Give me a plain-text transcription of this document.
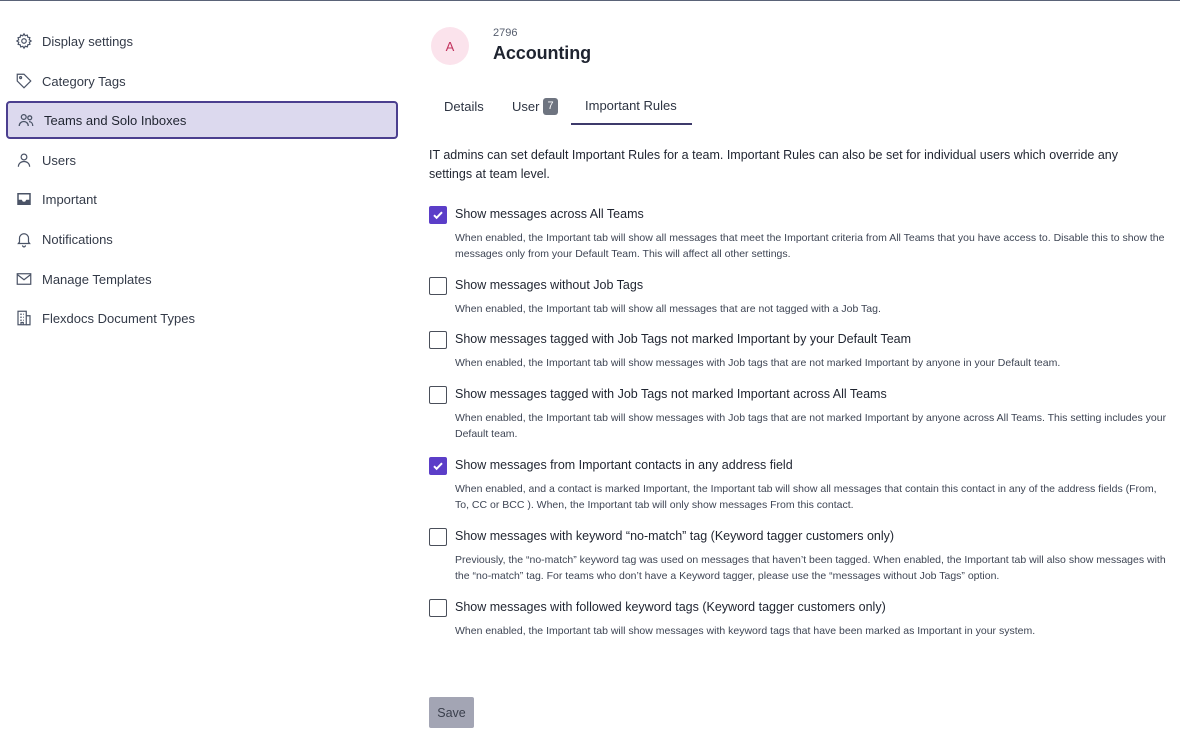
Display settings
Category Tags
Teams and Solo Inboxes
Users
Important
Notifications
Manage Templates
Flexdocs Document Types
A
2796
Accounting
Details User 7	Important Rules

IT admins can set default Important Rules for a team. Important Rules can also be set for individual users which override any settings at team level.

Show messages across All Teams
When enabled, the Important tab will show all messages that meet the Important criteria from All Teams that you have access to. Disable this to show the messages only from your Default Team. This will affect all other settings.
Show messages without Job Tags
When enabled, the Important tab will show all messages that are not tagged with a Job Tag.
Show messages tagged with Job Tags not marked Important by your Default Team
When enabled, the Important tab will show messages with Job tags that are not marked Important by anyone in your Default team.
Show messages tagged with Job Tags not marked Important across All Teams
When enabled, the Important tab will show messages with Job tags that are not marked Important by anyone across All Teams. This setting includes your Default team.
Show messages from Important contacts in any address field
When enabled, and a contact is marked Important, the Important tab will show all messages that contain this contact in any of the address fields (From, To, CC or BCC ). When, the Important tab will only show messages From this contact.
Show messages with keyword “no-match” tag (Keyword tagger customers only)
Previously, the “no-match” keyword tag was used on messages that haven’t been tagged. When enabled, the Important tab will also show messages with the “no-match” tag. For teams who don’t have a Keyword tagger, please use the “messages without Job Tags” option.
Show messages with followed keyword tags (Keyword tagger customers only)
When enabled, the Important tab will show messages with keyword tags that have been marked as Important in your system.
Save
